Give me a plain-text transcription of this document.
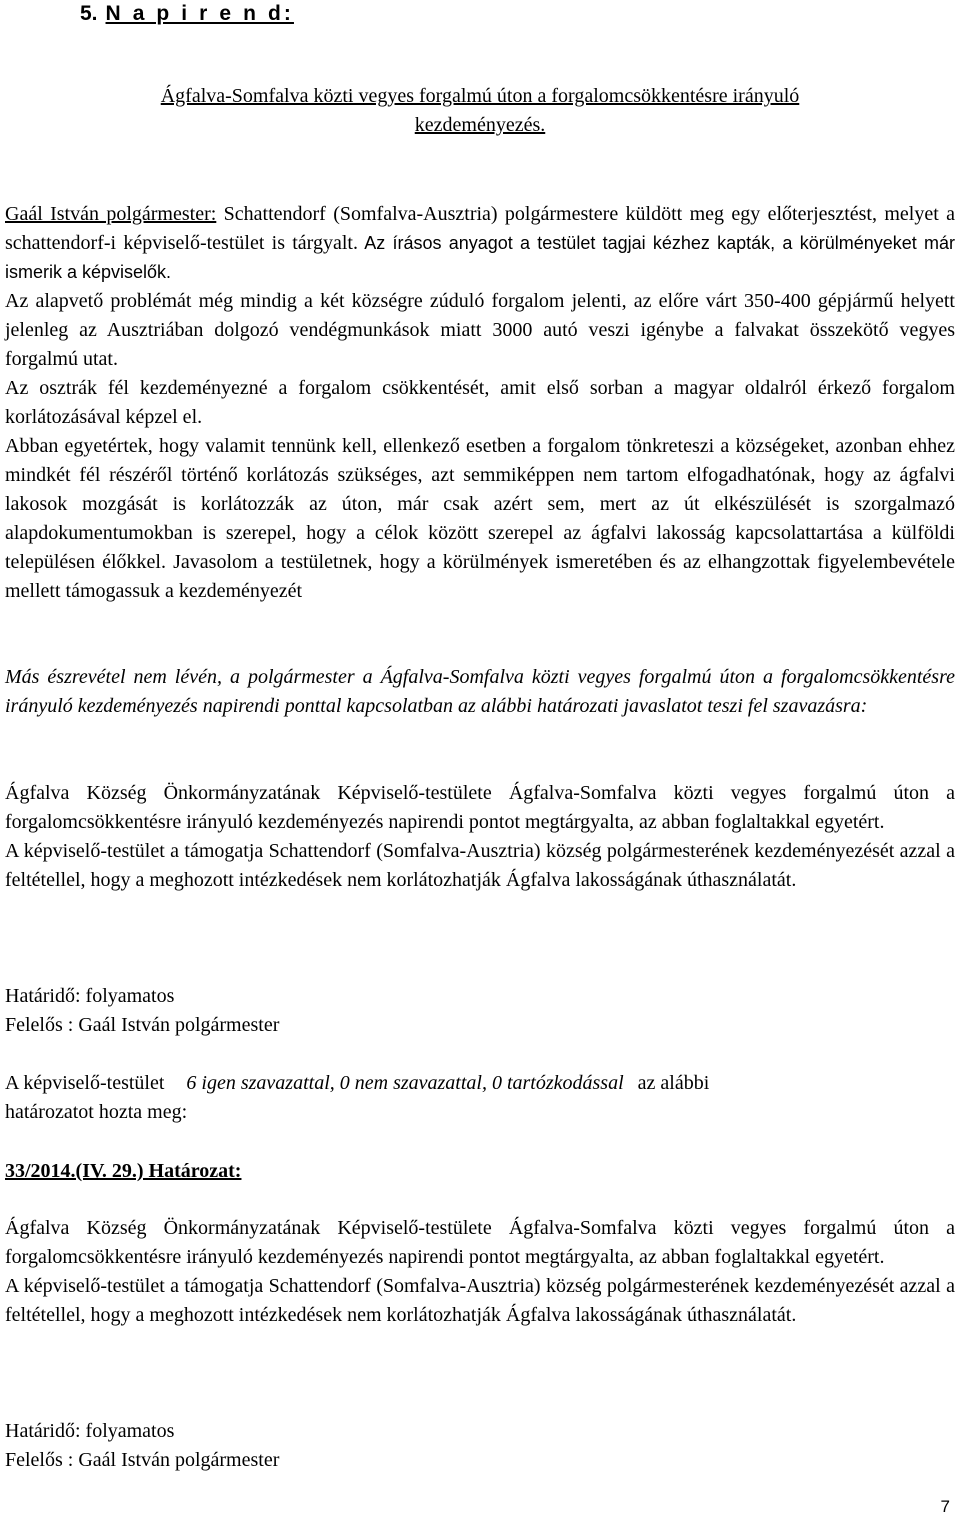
5. N a p i r e n d:
Ágfalva-Somfalva közti vegyes forgalmú úton a forgalomcsökkentésre irányuló
kezdeményezés.

Gaál István polgármester: Schattendorf (Somfalva-Ausztria) polgármestere küldött meg egy előterjesztést, melyet a schattendorf-i képviselő-testület is tárgyalt. Az írásos anyagot a testület tagjai kézhez kapták, a körülményeket már ismerik a képviselők.

Az alapvető problémát még mindig a két községre zúduló forgalom jelenti, az előre várt 350-400 gépjármű helyett jelenleg az Ausztriában dolgozó vendégmunkások miatt 3000 autó veszi igénybe a falvakat összekötő vegyes forgalmú utat.

Az osztrák fél kezdeményezné a forgalom csökkentését, amit első sorban a magyar oldalról érkező forgalom korlátozásával képzel el.

Abban egyetértek, hogy valamit tennünk kell, ellenkező esetben a forgalom tönkreteszi a községeket, azonban ehhez mindkét fél részéről történő korlátozás szükséges, azt semmiképpen nem tartom elfogadhatónak, hogy az ágfalvi lakosok mozgását is korlátozzák az úton, már csak azért sem, mert az út elkészülését is szorgalmazó alapdokumentumokban is szerepel, hogy a célok között szerepel az ágfalvi lakosság kapcsolattartása a külföldi településen élőkkel. Javasolom a testületnek, hogy a körülmények ismeretében és az elhangzottak figyelembevétele mellett támogassuk a kezdeményezét

Más észrevétel nem lévén, a polgármester a Ágfalva-Somfalva közti vegyes forgalmú úton a forgalomcsökkentésre irányuló kezdeményezés napirendi ponttal kapcsolatban az alábbi határozati javaslatot teszi fel szavazásra:

Ágfalva Község Önkormányzatának Képviselő-testülete Ágfalva-Somfalva közti vegyes forgalmú úton a forgalomcsökkentésre irányuló kezdeményezés napirendi pontot megtárgyalta, az abban foglaltakkal egyetért.

A képviselő-testület a támogatja Schattendorf (Somfalva-Ausztria) község polgármesterének kezdeményezését azzal a feltétellel, hogy a meghozott intézkedések nem korlátozhatják Ágfalva lakosságának úthasználatát.

Határidő: folyamatos
Felelős : Gaál István polgármester
A képviselő-testület 6 igen szavazattal, 0 nem szavazattal, 0 tartózkodással az alábbi
határozatot hozta meg:
33/2014.(IV. 29.) Határozat:

Ágfalva Község Önkormányzatának Képviselő-testülete Ágfalva-Somfalva közti vegyes forgalmú úton a forgalomcsökkentésre irányuló kezdeményezés napirendi pontot megtárgyalta, az abban foglaltakkal egyetért.

A képviselő-testület a támogatja Schattendorf (Somfalva-Ausztria) község polgármesterének kezdeményezését azzal a feltétellel, hogy a meghozott intézkedések nem korlátozhatják Ágfalva lakosságának úthasználatát.

Határidő: folyamatos
Felelős : Gaál István polgármester
7
